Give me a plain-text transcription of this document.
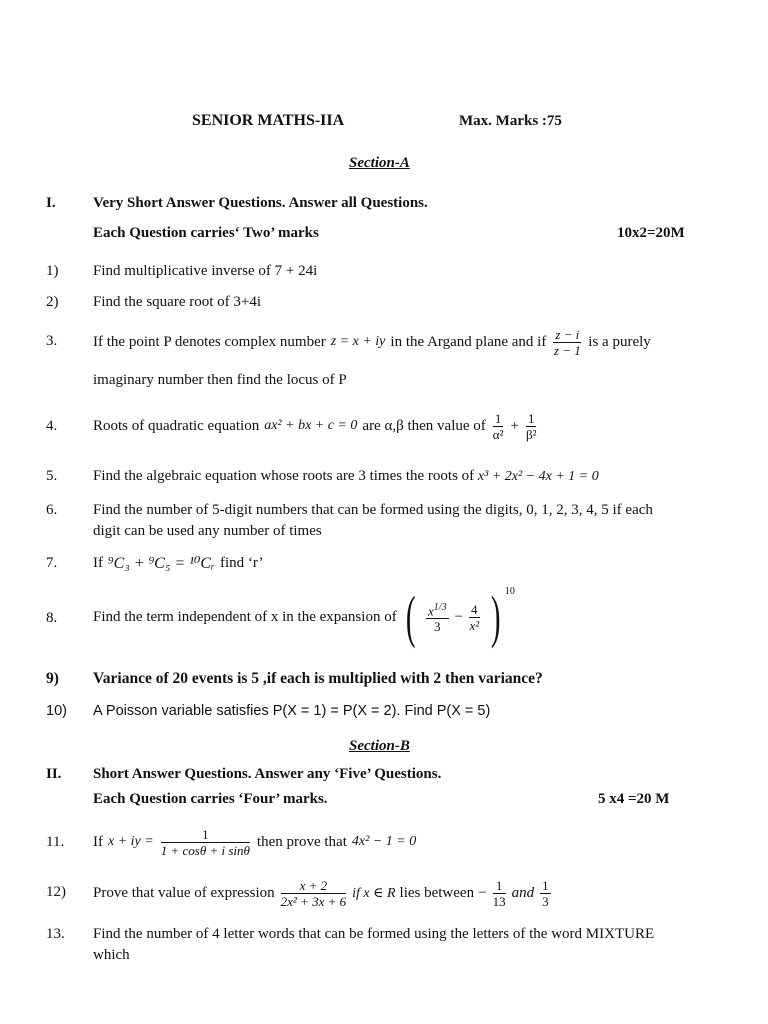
SENIOR MATHS-IIA	Max. Marks :75
Section-A
I. Very Short Answer Questions. Answer all Questions.
Each Question carries‘ Two’ marks	10x2=20M
1) Find multiplicative inverse of 7 + 24i
2) Find the square root of 3+4i
3. If the point P denotes complex number z = x + iy in the Argand plane and if $\frac{z - i}{z - 1}$ is a purely
imaginary number then find the locus of P
4. Roots of quadratic equation ax² + bx + c = 0 are α,β then value of $\frac{1}{\text{α²}} + \frac{1}{\text{β²}}$
5. Find the algebraic equation whose roots are 3 times the roots of x³ + 2x² − 4x + 1 = 0
6. Find the number of 5-digit numbers that can be formed using the digits, 0, 1, 2, 3, 4, 5 if each
digit can be used any number of times
7. If ⁹C₃ + ⁹C₅ = ¹⁰Cᵣ find ‘r’
8. Find the term independent of x in the expansion of ( $\frac{x^{1/3}}{3} - \frac{4}{\text{x²}}$ ) 10
9) Variance of 20 events is 5 ,if each is multiplied with 2 then variance?
10) A Poisson variable satisfies P(X = 1) = P(X = 2). Find P(X = 5)
Section-B
II. Short Answer Questions. Answer any ‘Five’ Questions.
Each Question carries ‘Four’ marks.	5 x4 =20 M
11. If x + iy = $\frac{1}{\text{1 + cosθ + i sinθ}}$ then prove that 4x² − 1 = 0
12) Prove that value of expression $\frac{x + 2}{\text{2x² + 3x + 6}}$ if x ∈ R lies between − $\frac{1}{13}$ and $\frac{1}{3}$
13. Find the number of 4 letter words that can be formed using the letters of the word MIXTURE
which
